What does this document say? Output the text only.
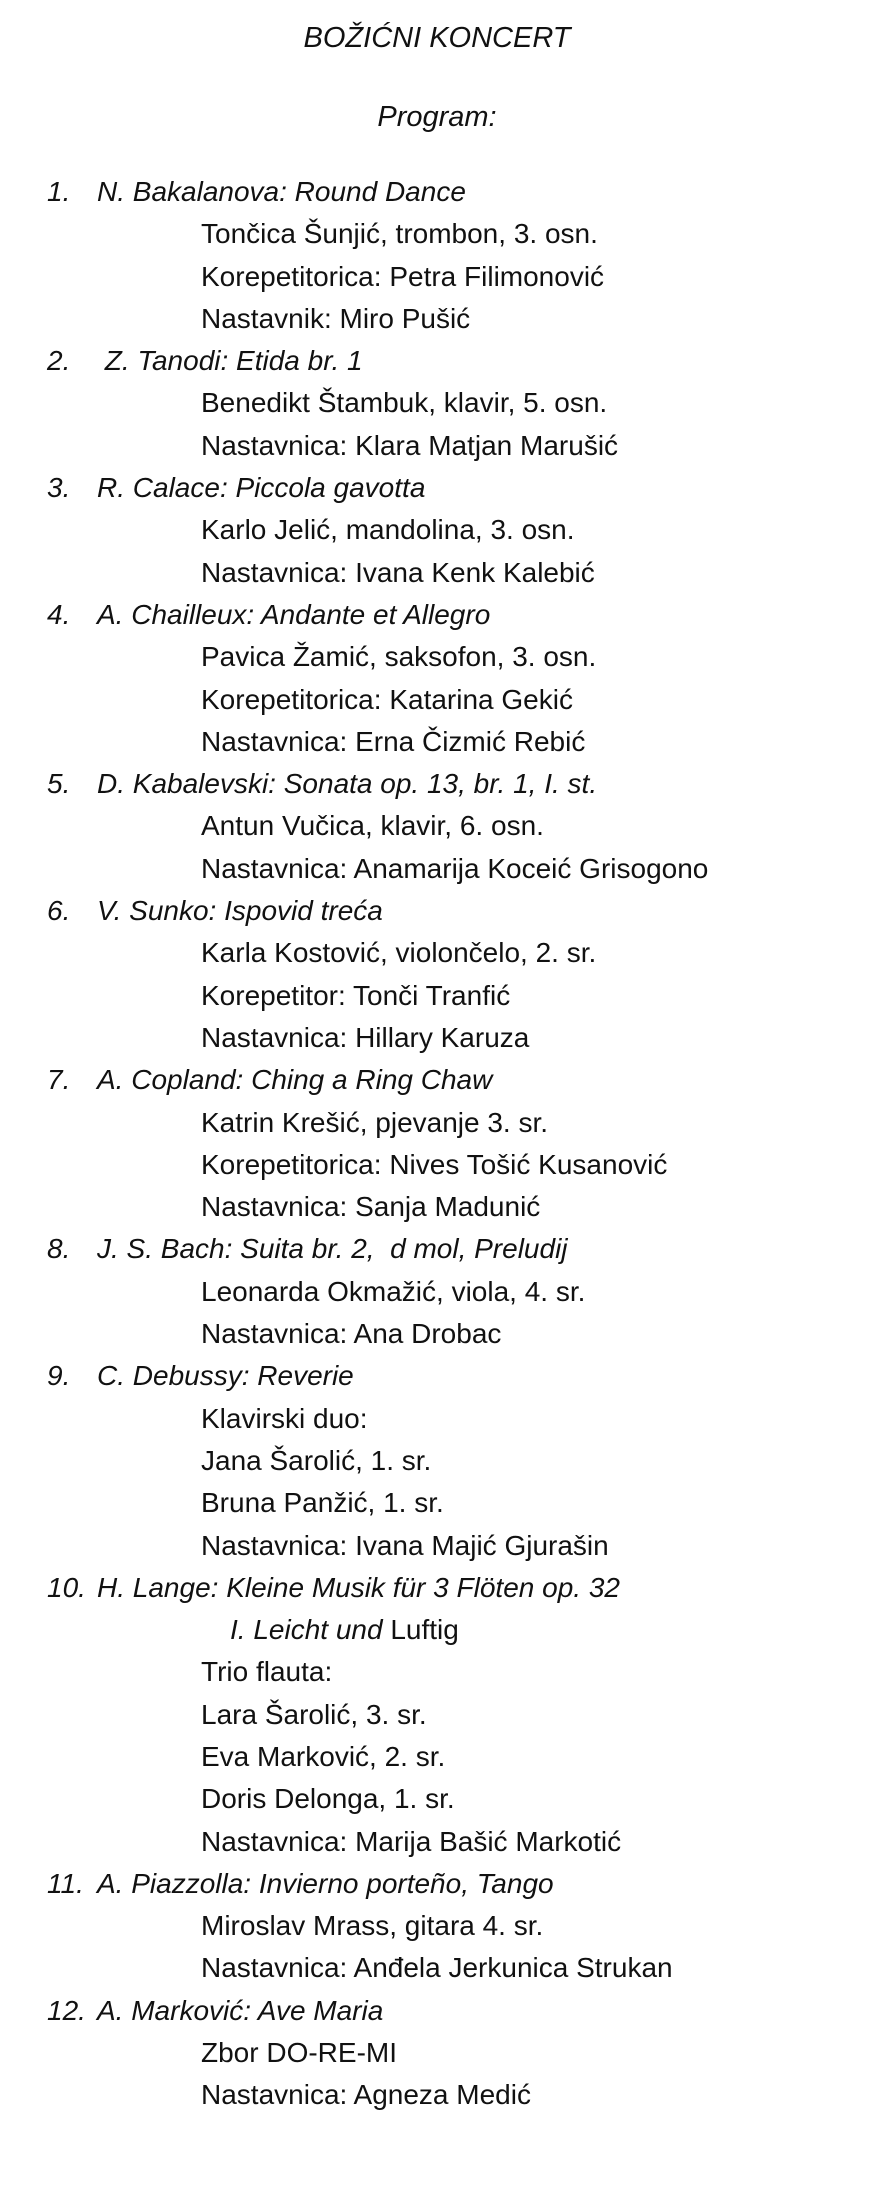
BOŽIĆNI KONCERT
Program:
1. N. Bakalanova: Round Dance
Tončica Šunjić, trombon, 3. osn.
Korepetitorica: Petra Filimonović
Nastavnik: Miro Pušić
2. Z. Tanodi: Etida br. 1
Benedikt Štambuk, klavir, 5. osn.
Nastavnica: Klara Matjan Marušić
3. R. Calace: Piccola gavotta
Karlo Jelić, mandolina, 3. osn.
Nastavnica: Ivana Kenk Kalebić
4. A. Chailleux: Andante et Allegro
Pavica Žamić, saksofon, 3. osn.
Korepetitorica: Katarina Gekić
Nastavnica: Erna Čizmić Rebić
5. D. Kabalevski: Sonata op. 13, br. 1, I. st.
Antun Vučica, klavir, 6. osn.
Nastavnica: Anamarija Koceić Grisogono
6. V. Sunko: Ispovid treća
Karla Kostović, violončelo, 2. sr.
Korepetitor: Tonči Tranfić
Nastavnica: Hillary Karuza
7. A. Copland: Ching a Ring Chaw
Katrin Krešić, pjevanje 3. sr.
Korepetitorica: Nives Tošić Kusanović
Nastavnica: Sanja Madunić
8. J. S. Bach: Suita br. 2,  d mol, Preludij
Leonarda Okmažić, viola, 4. sr.
Nastavnica: Ana Drobac
9. C. Debussy: Reverie
Klavirski duo:
Jana Šarolić, 1. sr.
Bruna Panžić, 1. sr.
Nastavnica: Ivana Majić Gjurašin
10. H. Lange: Kleine Musik für 3 Flöten op. 32
I. Leicht und Luftig
Trio flauta:
Lara Šarolić, 3. sr.
Eva Marković, 2. sr.
Doris Delonga, 1. sr.
Nastavnica: Marija Bašić Markotić
11. A. Piazzolla: Invierno porteño, Tango
Miroslav Mrass, gitara 4. sr.
Nastavnica: Anđela Jerkunica Strukan
12. A. Marković: Ave Maria
Zbor DO-RE-MI
Nastavnica: Agneza Medić
